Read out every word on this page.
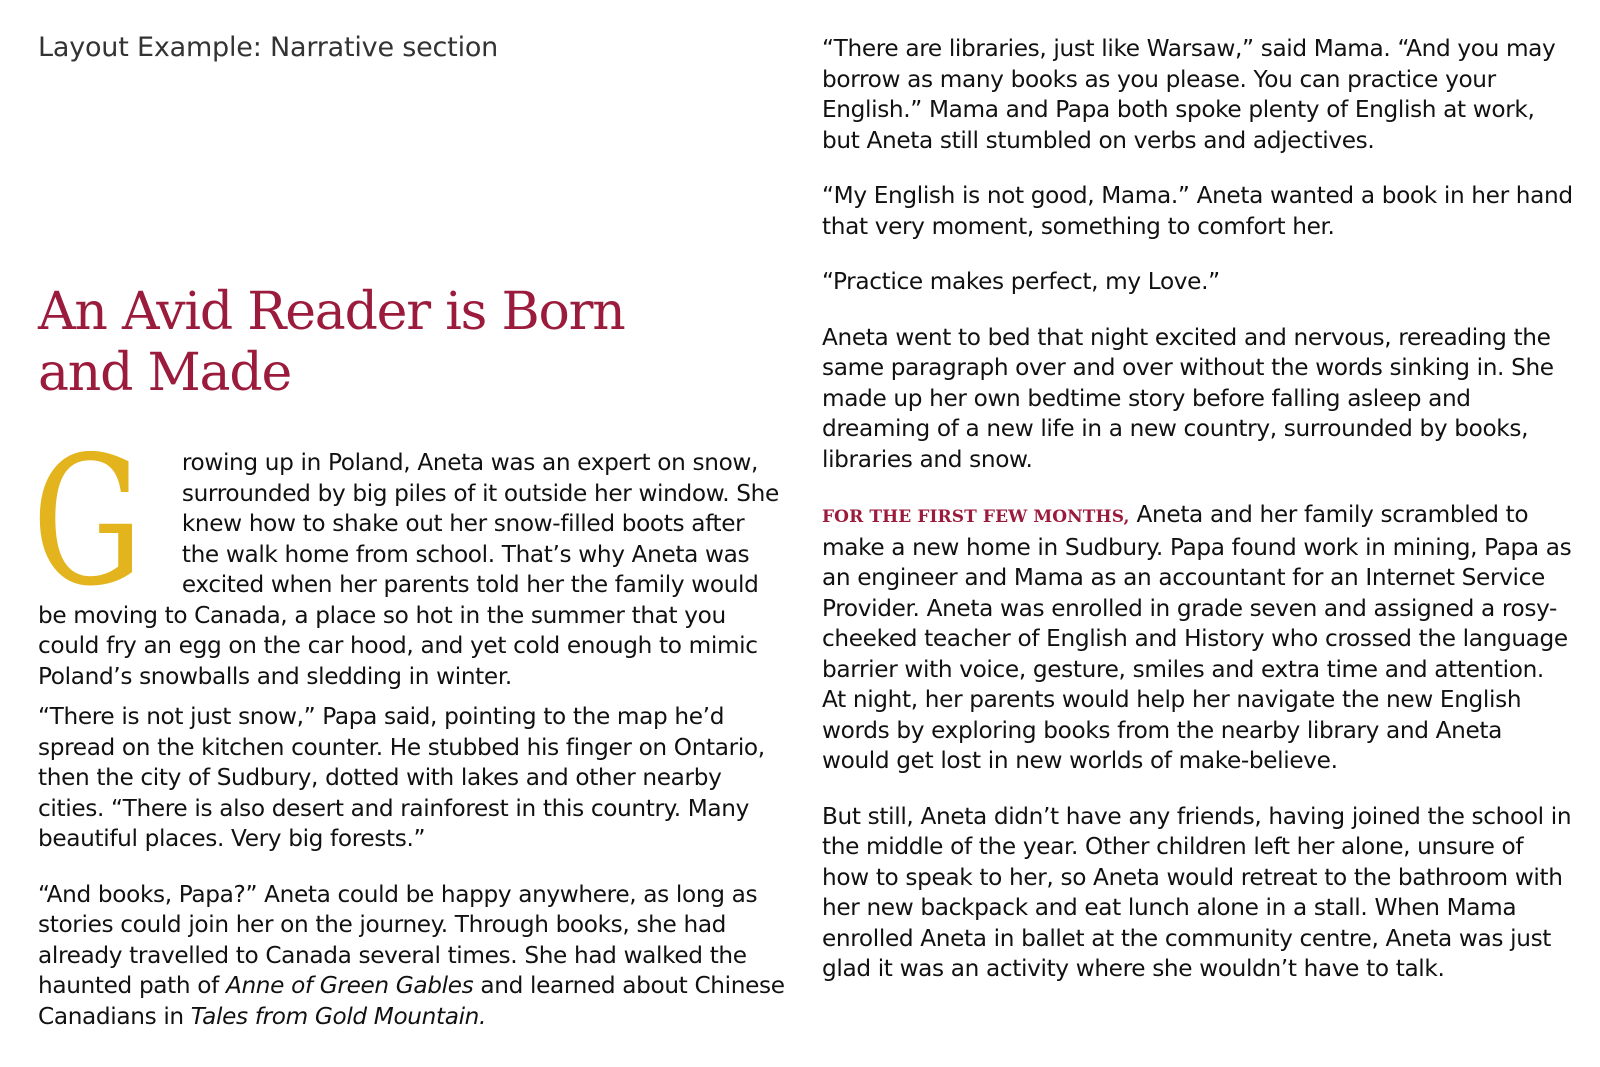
Layout Example: Narrative section
An Avid Reader is Born
and Made

G	rowing up in Poland, Aneta was an expert on snow, surrounded by big piles of it outside her window. She knew how to shake out her snow-filled boots after the walk home from school. That’s why Aneta was excited when her parents told her the family would be moving to Canada, a place so hot in the summer that you could fry an egg on the car hood, and yet cold enough to mimic Poland’s snowballs and sledding in winter.

“There is not just snow,” Papa said, pointing to the map he’d spread on the kitchen counter. He stubbed his finger on Ontario, then the city of Sudbury, dotted with lakes and other nearby cities. “There is also desert and rainforest in this country. Many beautiful places. Very big forests.”

“And books, Papa?” Aneta could be happy anywhere, as long as stories could join her on the journey. Through books, she had already travelled to Canada several times. She had walked the haunted path of Anne of Green Gables and learned about Chinese Canadians in Tales from Gold Mountain.

“There are libraries, just like Warsaw,” said Mama. “And you may borrow as many books as you please. You can practice your English.” Mama and Papa both spoke plenty of English at work, but Aneta still stumbled on verbs and adjectives.

“My English is not good, Mama.” Aneta wanted a book in her hand that very moment, something to comfort her.

“Practice makes perfect, my Love.”

Aneta went to bed that night excited and nervous, rereading the same paragraph over and over without the words sinking in. She made up her own bedtime story before falling asleep and dreaming of a new life in a new country, surrounded by books, libraries and snow.

FOR THE FIRST FEW MONTHS, Aneta and her family scrambled to make a new home in Sudbury. Papa found work in mining, Papa as an engineer and Mama as an accountant for an Internet Service Provider. Aneta was enrolled in grade seven and assigned a rosy-cheeked teacher of English and History who crossed the language barrier with voice, gesture, smiles and extra time and attention. At night, her parents would help her navigate the new English words by exploring books from the nearby library and Aneta would get lost in new worlds of make-believe.

But still, Aneta didn’t have any friends, having joined the school in the middle of the year. Other children left her alone, unsure of how to speak to her, so Aneta would retreat to the bathroom with her new backpack and eat lunch alone in a stall. When Mama enrolled Aneta in ballet at the community centre, Aneta was just glad it was an activity where she wouldn’t have to talk.
